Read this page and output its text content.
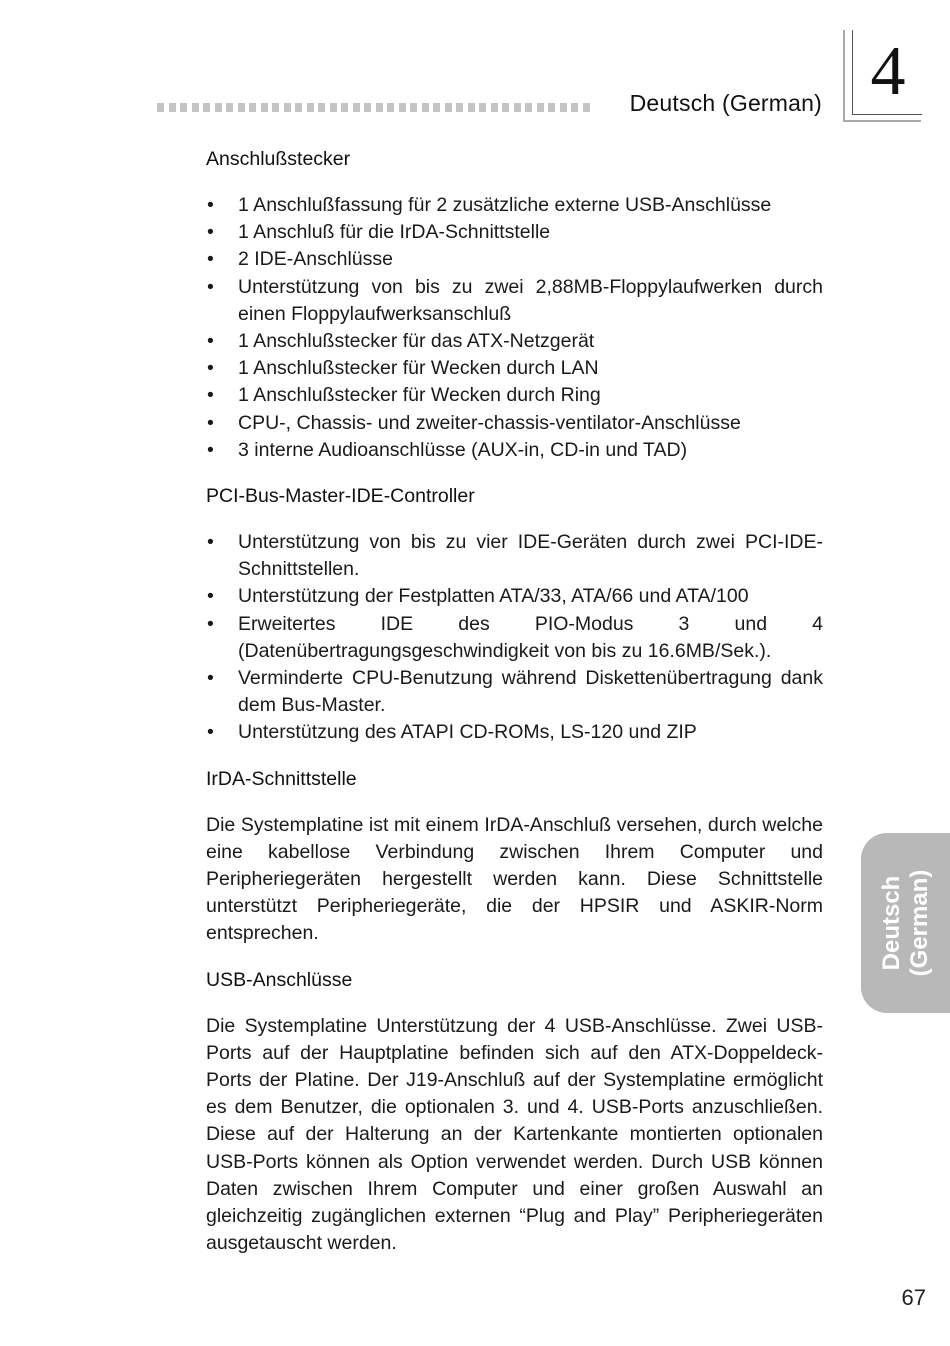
Deutsch (German) 4
Anschlußstecker
• 1 Anschlußfassung für 2 zusätzliche externe USB-Anschlüsse
• 1 Anschluß für die IrDA-Schnittstelle
• 2 IDE-Anschlüsse
• Unterstützung von bis zu zwei 2,88MB-Floppylaufwerken durch einen Floppylaufwerksanschluß
• 1 Anschlußstecker für das ATX-Netzgerät
• 1 Anschlußstecker für Wecken durch LAN
• 1 Anschlußstecker für Wecken durch Ring
• CPU-, Chassis- und zweiter-chassis-ventilator-Anschlüsse
• 3 interne Audioanschlüsse (AUX-in, CD-in und TAD)
PCI-Bus-Master-IDE-Controller
• Unterstützung von bis zu vier IDE-Geräten durch zwei PCI-IDE-Schnittstellen.
• Unterstützung der Festplatten ATA/33, ATA/66 und ATA/100
• Erweitertes IDE des PIO-Modus 3 und 4 (Datenübertragungsgeschwindigkeit von bis zu 16.6MB/Sek.).
• Verminderte CPU-Benutzung während Diskettenübertragung dank dem Bus-Master.
• Unterstützung des ATAPI CD-ROMs, LS-120 und ZIP
IrDA-Schnittstelle

Die Systemplatine ist mit einem IrDA-Anschluß versehen, durch welche eine kabellose Verbindung zwischen Ihrem Computer und Peripheriegeräten hergestellt werden kann. Diese Schnittstelle unterstützt Peripheriegeräte, die der HPSIR und ASKIR-Norm entsprechen.

USB-Anschlüsse

Die Systemplatine Unterstützung der 4 USB-Anschlüsse. Zwei USB-Ports auf der Hauptplatine befinden sich auf den ATX-Doppeldeck-Ports der Platine. Der J19-Anschluß auf der Systemplatine ermöglicht es dem Benutzer, die optionalen 3. und 4. USB-Ports anzuschließen. Diese auf der Halterung an der Kartenkante montierten optionalen USB-Ports können als Option verwendet werden. Durch USB können Daten zwischen Ihrem Computer und einer großen Auswahl an gleichzeitig zugänglichen externen “Plug and Play” Peripheriegeräten ausgetauscht werden.

Deutsch (German)
67
